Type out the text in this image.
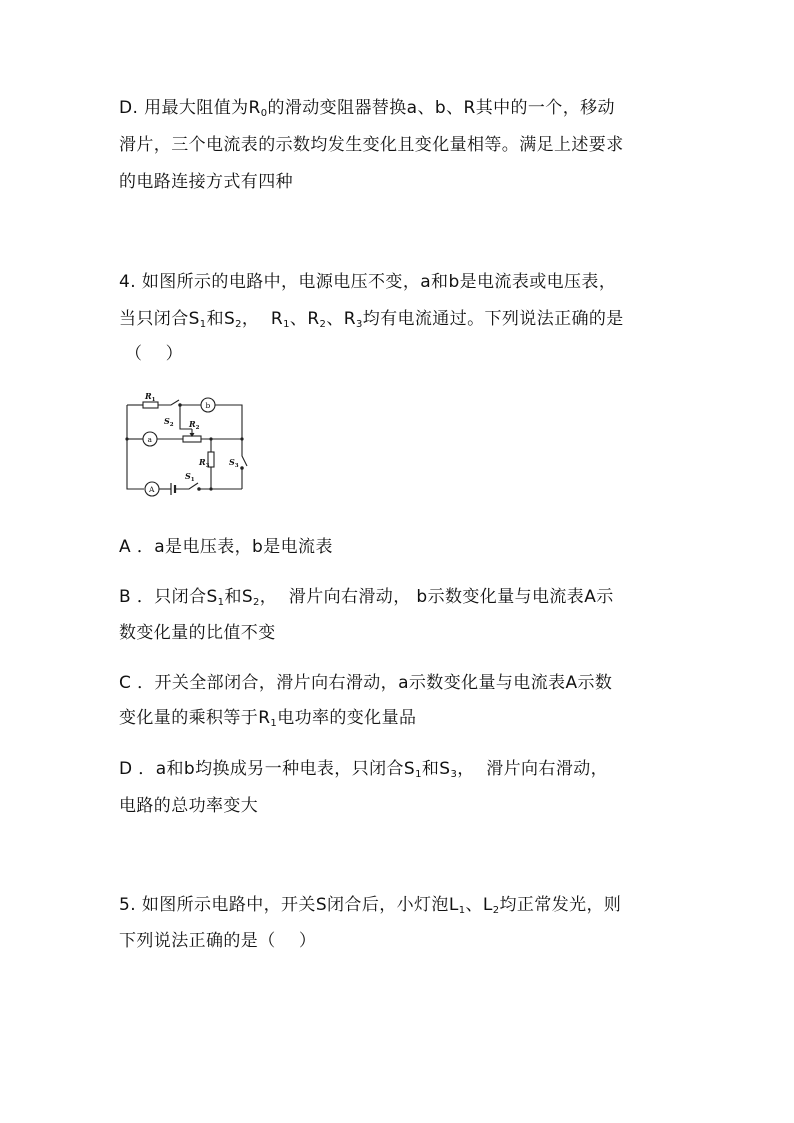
D. 用最大阻值为$R_0$的滑动变阻器替换a、b、R其中的一个，移动
滑片，三个电流表的示数均发生变化且变化量相等。满足上述要求
的电路连接方式有四种
4. 如图所示的电路中，电源电压不变，a和b是电流表或电压表，
当只闭合$S_1$和$S_2$，  $R_1$、$R_2$、$R_3$均有电流通过。下列说法正确的是
（    ）
$R_1$
$S_2$ $R_2$
$R_3$ $S_3$
$S_1$
b
a
A
A ．a是电压表，b是电流表
B ．只闭合$S_1$和$S_2$，  滑片向右滑动， b示数变化量与电流表A示
数变化量的比值不变
C ．开关全部闭合，滑片向右滑动，a示数变化量与电流表A示数
变化量的乘积等于$R_1$电功率的变化量品
D ．a和b均换成另一种电表，只闭合$S_1$和$S_3$，  滑片向右滑动，
电路的总功率变大
5. 如图所示电路中，开关S闭合后，小灯泡$L_1$、$L_2$均正常发光，则
下列说法正确的是（    ）
